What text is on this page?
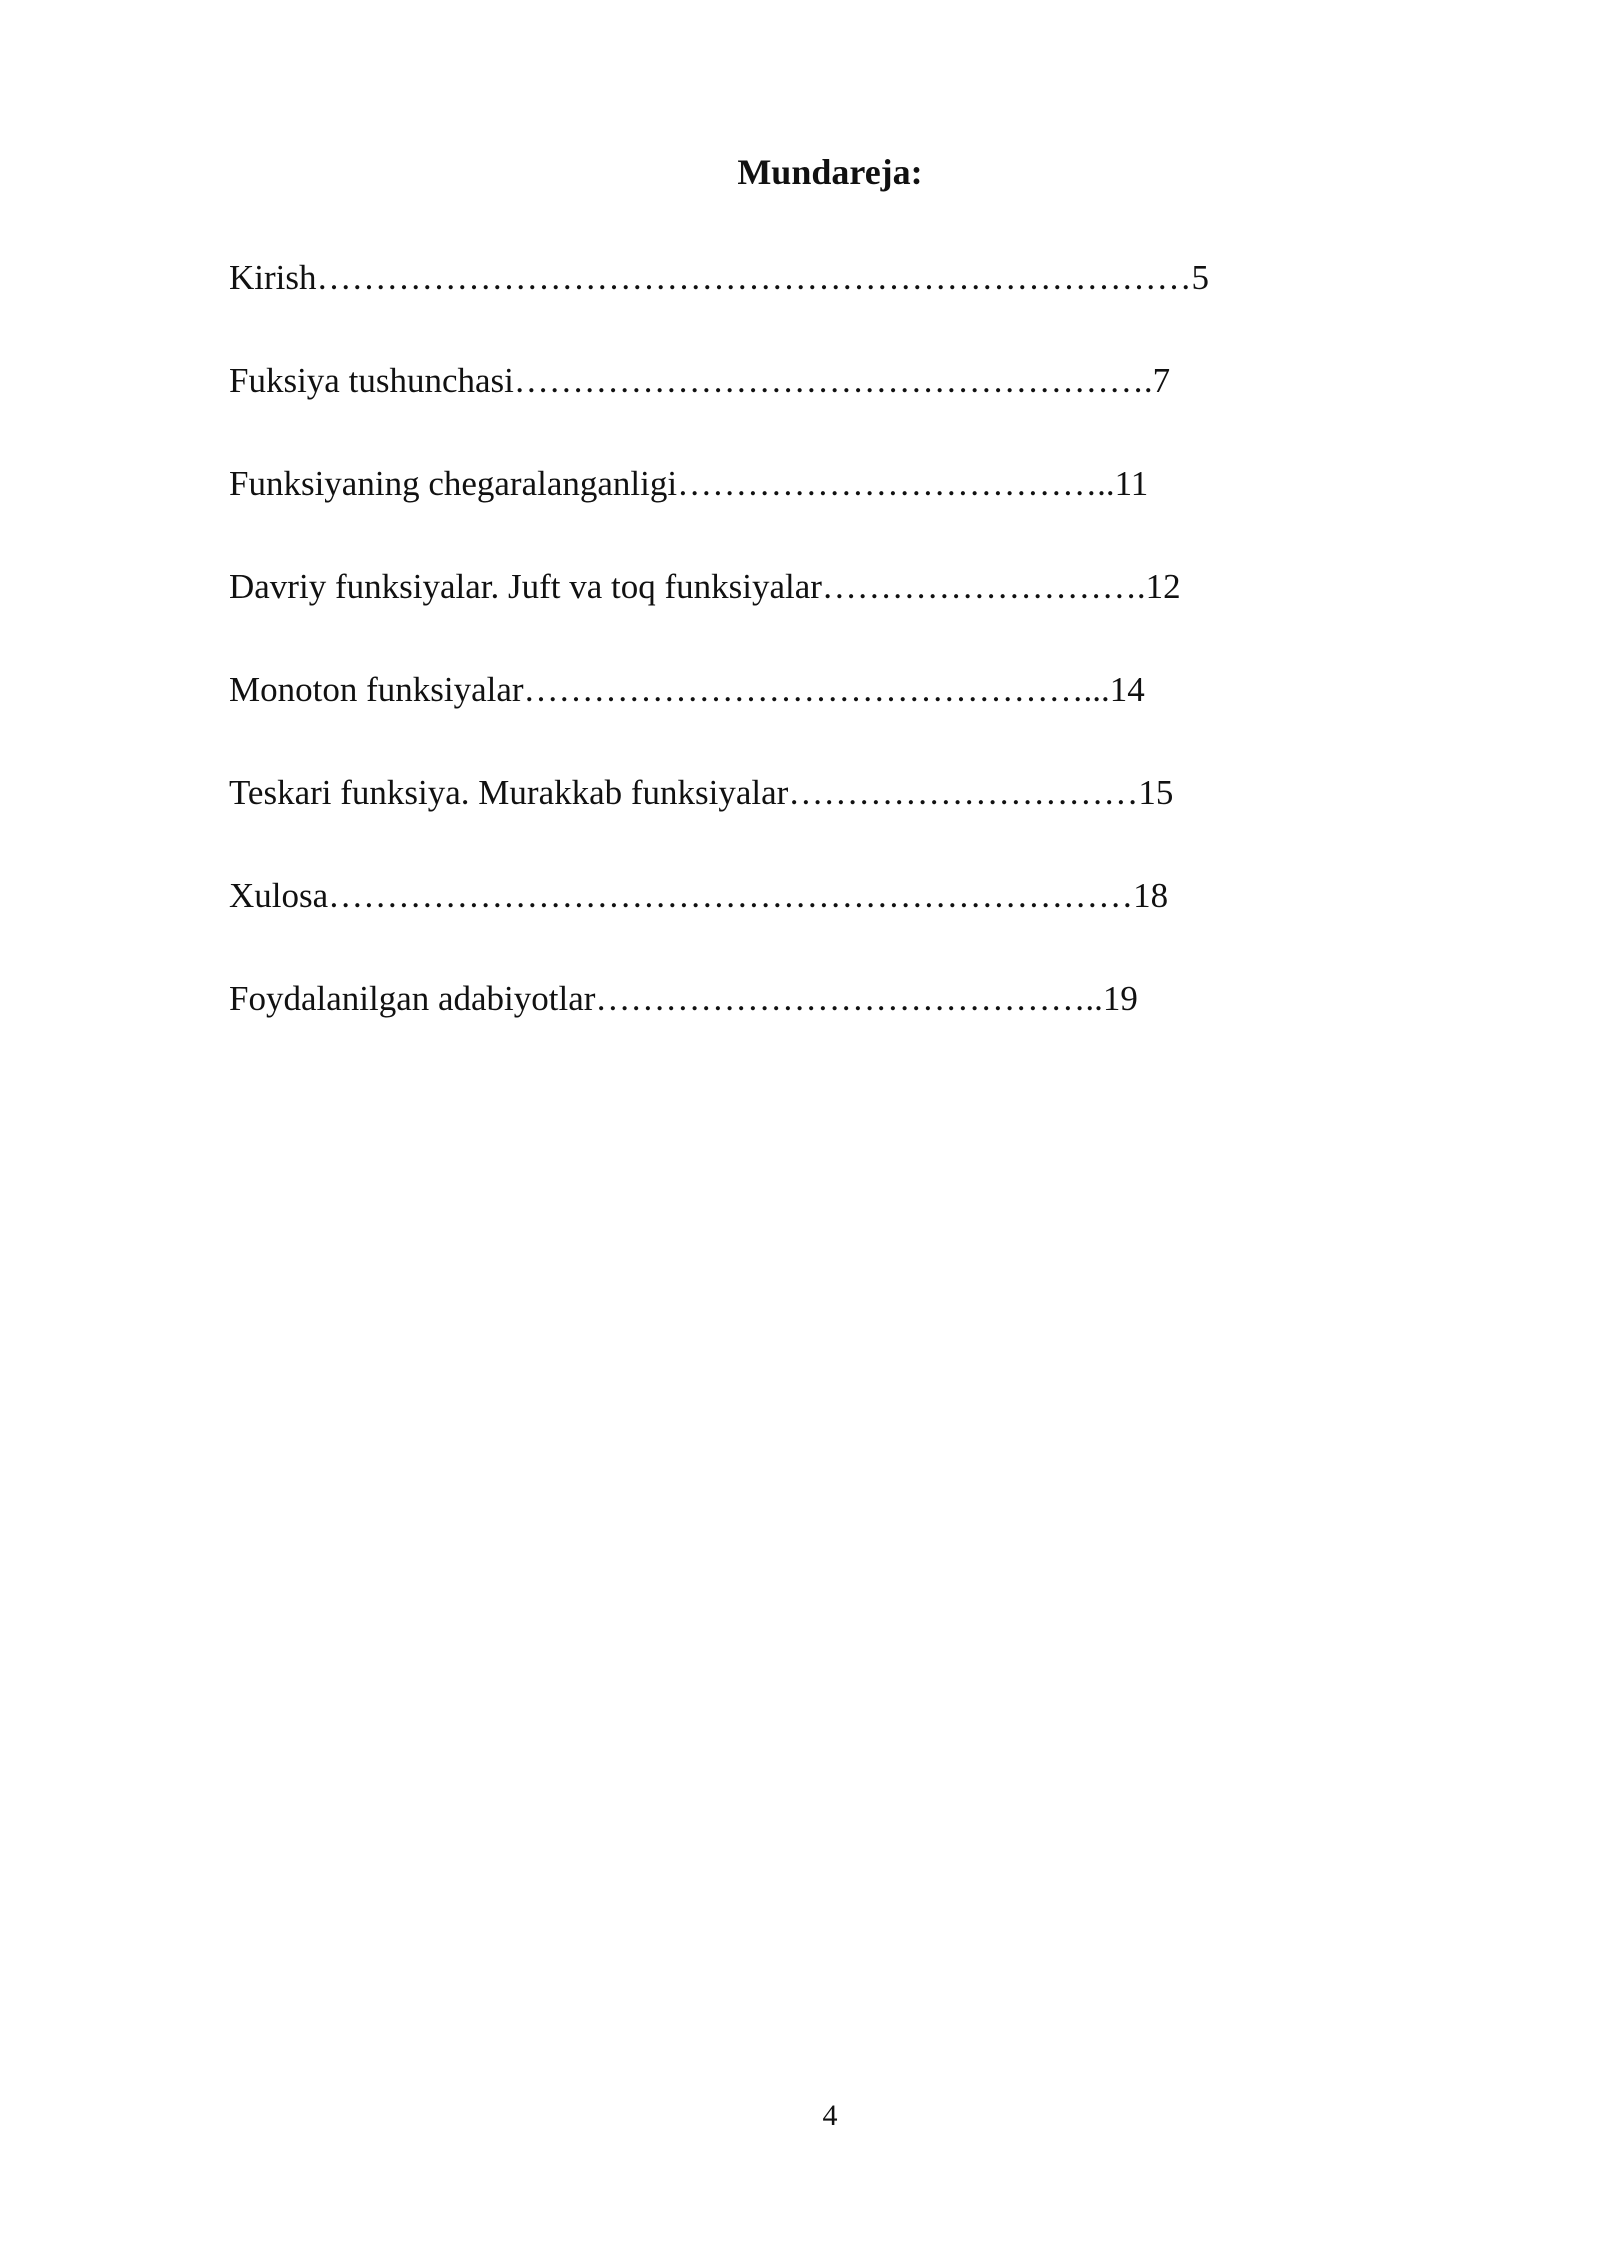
Mundareja:
Kirish…………………………………………………………………5
Fuksiya tushunchasi……………………………………………….7
Funksiyaning chegaralanganligi………………………………..11
Davriy funksiyalar. Juft va toq funksiyalar……………………….12
Monoton funksiyalar…………………………………………...14
Teskari funksiya. Murakkab funksiyalar…………………………15
Xulosa……………………………………………………………18
Foydalanilgan adabiyotlar……………………………………..19
4
